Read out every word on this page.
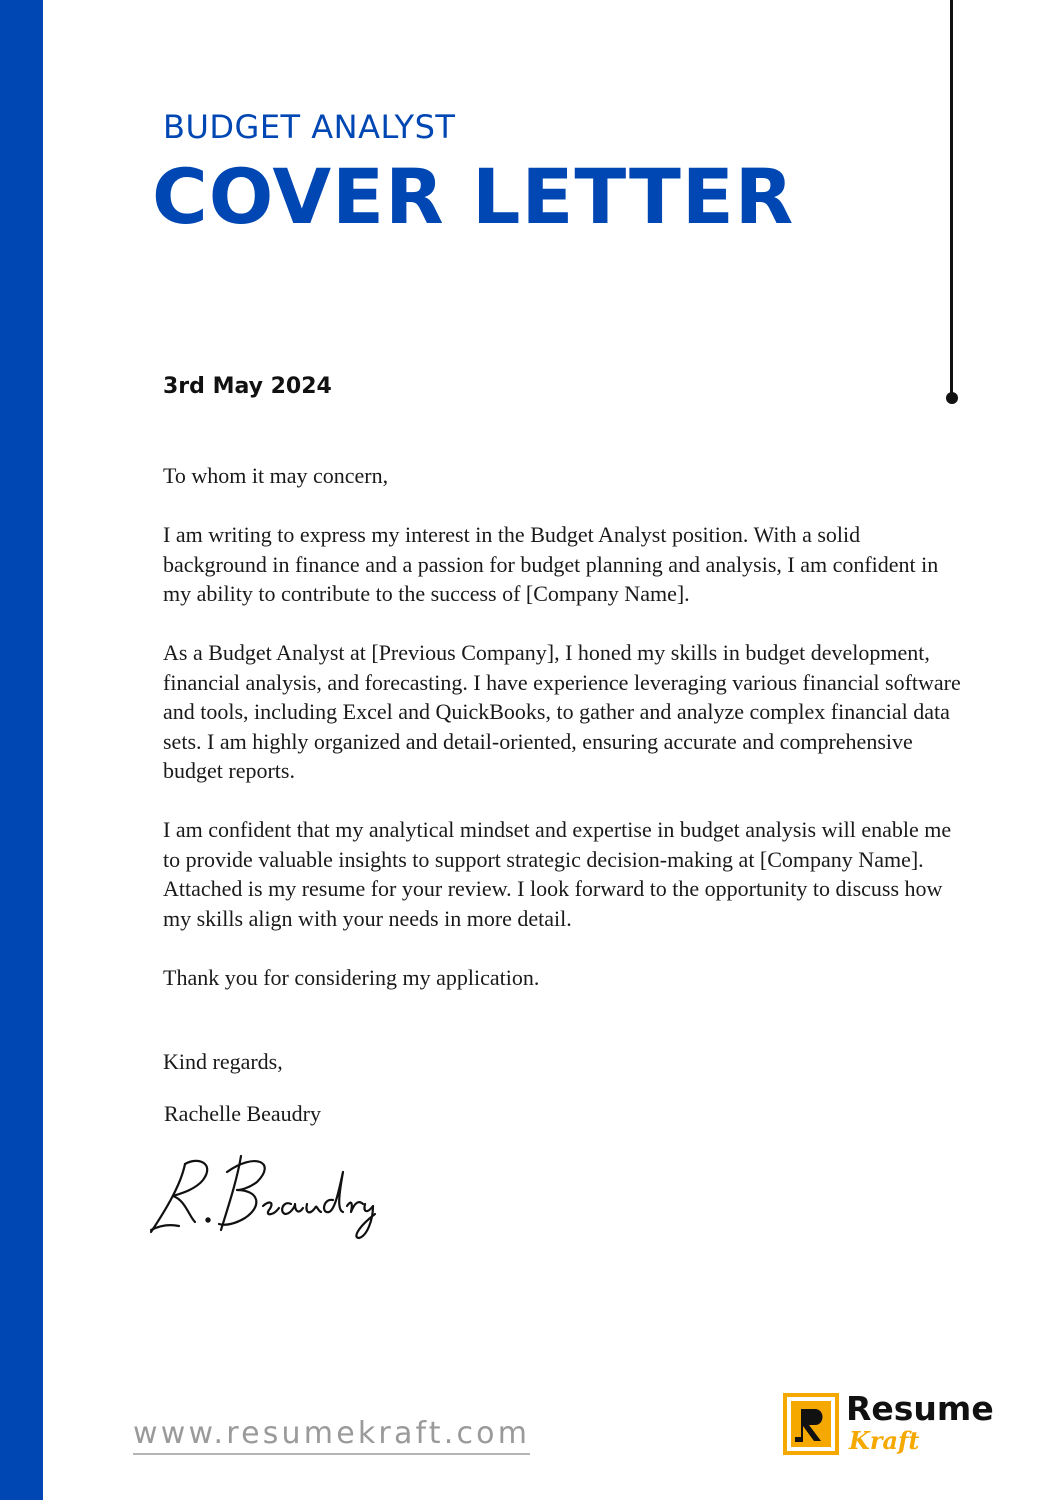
BUDGET ANALYST
COVER LETTER
3rd May 2024

To whom it may concern,

I am writing to express my interest in the Budget Analyst position. With a solid background in finance and a passion for budget planning and analysis, I am confident in my ability to contribute to the success of [Company Name].

As a Budget Analyst at [Previous Company], I honed my skills in budget development, financial analysis, and forecasting. I have experience leveraging various financial software and tools, including Excel and QuickBooks, to gather and analyze complex financial data sets. I am highly organized and detail-oriented, ensuring accurate and comprehensive budget reports.

I am confident that my analytical mindset and expertise in budget analysis will enable me to provide valuable insights to support strategic decision-making at [Company Name]. Attached is my resume for your review. I look forward to the opportunity to discuss how my skills align with your needs in more detail.

Thank you for considering my application.

Kind regards,
Rachelle Beaudry
www.resumekraft.com
Resume
Kraft
